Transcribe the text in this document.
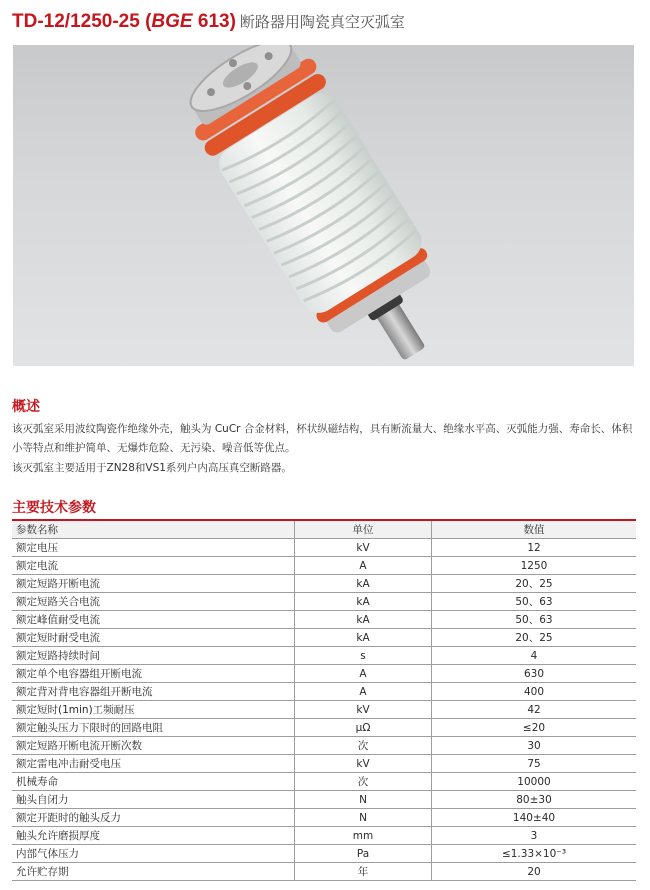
TD-12/1250-25 (BGE 613) 断路器用陶瓷真空灭弧室
概述
该灭弧室采用波纹陶瓷作绝缘外壳，触头为 CuCr 合金材料，杯状纵磁结构，具有断流量大、绝缘水平高、灭弧能力强、寿命长、体积小等特点和维护简单、无爆炸危险、无污染、噪音低等优点。
该灭弧室主要适用于ZN28和VS1系列户内高压真空断路器。
主要技术参数
参数名称	单位	数值
额定电压	kV	12
额定电流	A	1250
额定短路开断电流	kA	20、25
额定短路关合电流	kA	50、63
额定峰值耐受电流	kA	50、63
额定短时耐受电流	kA	20、25
额定短路持续时间	s	4
额定单个电容器组开断电流	A	630
额定背对背电容器组开断电流	A	400
额定短时(1min)工频耐压	kV	42
额定触头压力下限时的回路电阻	μΩ	≤20
额定短路开断电流开断次数	次	30
额定雷电冲击耐受电压	kV	75
机械寿命	次	10000
触头自闭力	N	80±30
额定开距时的触头反力	N	140±40
触头允许磨损厚度	mm	3
内部气体压力	Pa	≤1.33×10⁻³
允许贮存期	年	20
